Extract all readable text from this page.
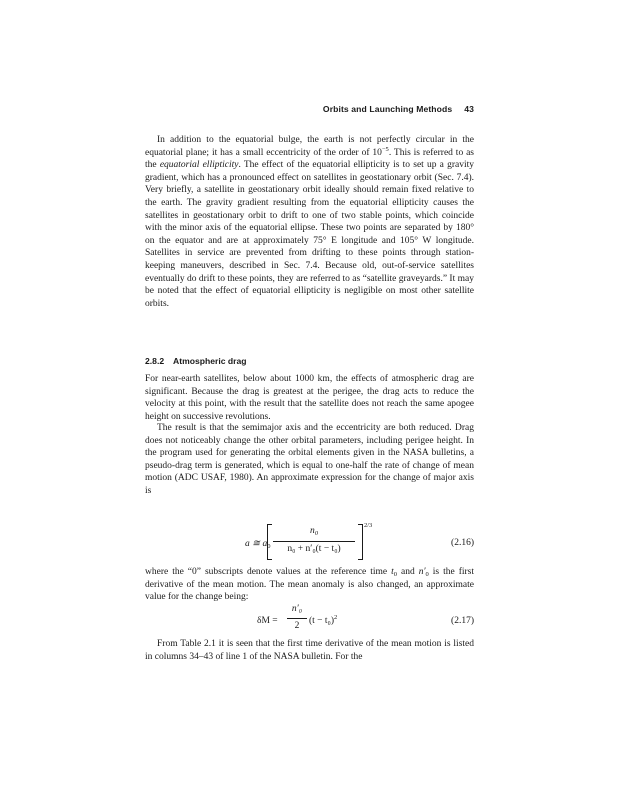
Orbits and Launching Methods 43

In addition to the equatorial bulge, the earth is not perfectly circular in the equatorial plane; it has a small eccentricity of the order of $10^{-5}$. This is referred to as the equatorial ellipticity. The effect of the equatorial ellipticity is to set up a gravity gradient, which has a pronounced effect on satellites in geostationary orbit (Sec. 7.4). Very briefly, a satellite in geostationary orbit ideally should remain fixed relative to the earth. The gravity gradient resulting from the equatorial ellipticity causes the satellites in geostationary orbit to drift to one of two stable points, which coincide with the minor axis of the equatorial ellipse. These two points are separated by 180° on the equator and are at approximately 75° E longitude and 105° W longitude. Satellites in service are prevented from drifting to these points through station-keeping maneuvers, described in Sec. 7.4. Because old, out-of-service satellites eventually do drift to these points, they are referred to as “satellite graveyards.” It may be noted that the effect of equatorial ellipticity is negligible on most other satellite orbits.

2.8.2 Atmospheric drag

For near-earth satellites, below about 1000 km, the effects of atmospheric drag are significant. Because the drag is greatest at the perigee, the drag acts to reduce the velocity at this point, with the result that the satellite does not reach the same apogee height on successive revolutions.

The result is that the semimajor axis and the eccentricity are both reduced. Drag does not noticeably change the other orbital parameters, including perigee height. In the program used for generating the orbital elements given in the NASA bulletins, a pseudo-drag term is generated, which is equal to one-half the rate of change of mean motion (ADC USAF, 1980). An approximate expression for the change of major axis is

a ≅ $a_0$
$n_0$
n₀ + n′₀(t − t₀)
2/3
(2.16)

where the “0” subscripts denote values at the reference time $t_0$ and $n'_0$ is the first derivative of the mean motion. The mean anomaly is also changed, an approximate value for the change being:

δM =
n′₀
2	$(t - t_0)^2$	(2.17)

From Table 2.1 it is seen that the first time derivative of the mean motion is listed in columns 34–43 of line 1 of the NASA bulletin. For the
